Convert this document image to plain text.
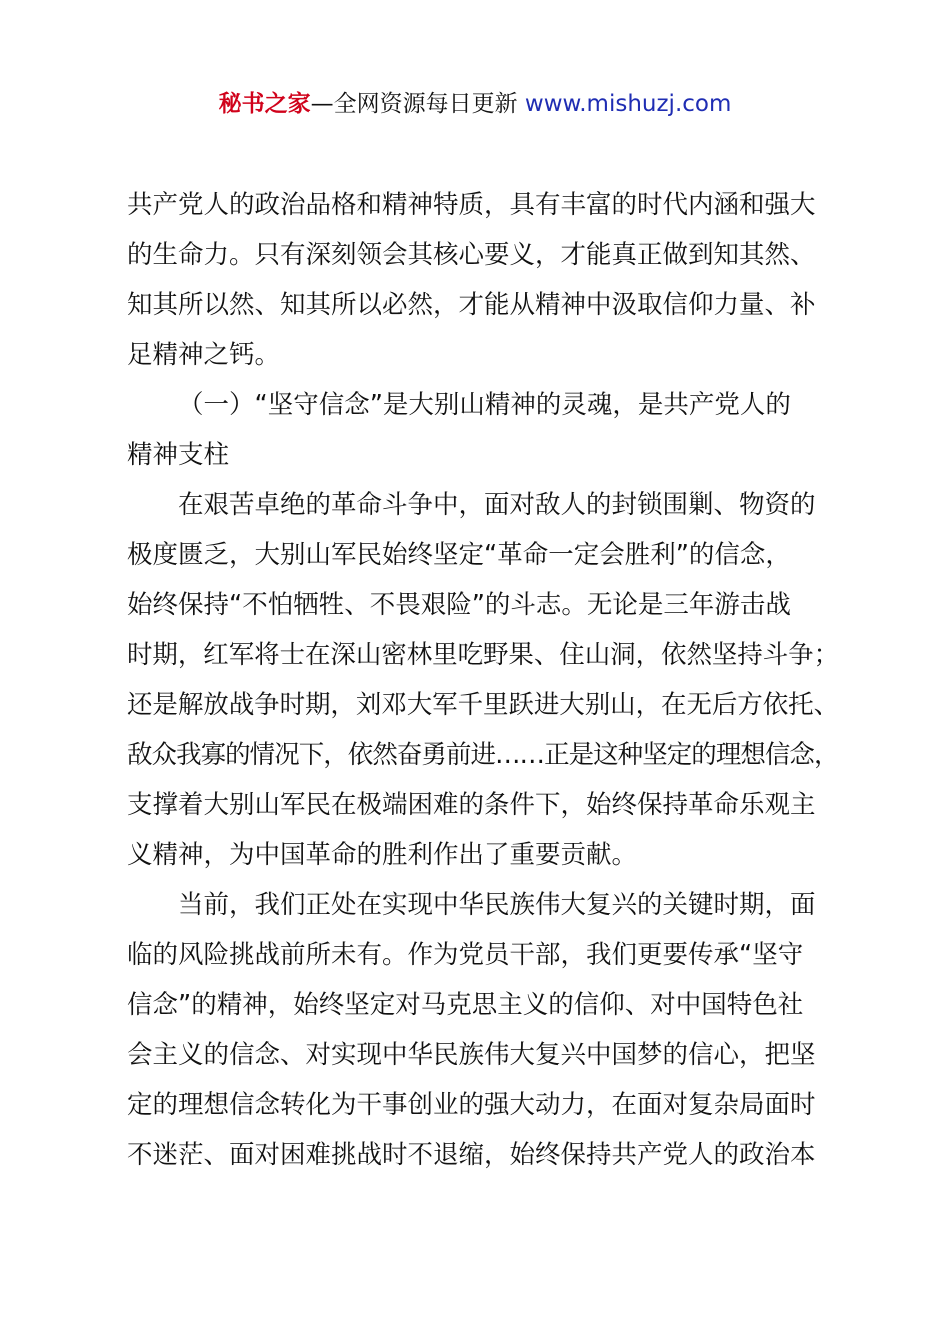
秘书之家—全网资源每日更新 www.mishuzj.com
共产党人的政治品格和精神特质，具有丰富的时代内涵和强大
的生命力。只有深刻领会其核心要义，才能真正做到知其然、
知其所以然、知其所以必然，才能从精神中汲取信仰力量、补
足精神之钙。
（一）“坚守信念”是大别山精神的灵魂，是共产党人的
精神支柱
在艰苦卓绝的革命斗争中，面对敌人的封锁围剿、物资的
极度匮乏，大别山军民始终坚定“革命一定会胜利”的信念，
始终保持“不怕牺牲、不畏艰险”的斗志。无论是三年游击战
时期，红军将士在深山密林里吃野果、住山洞，依然坚持斗争；
还是解放战争时期，刘邓大军千里跃进大别山，在无后方依托、
敌众我寡的情况下，依然奋勇前进……正是这种坚定的理想信念，
支撑着大别山军民在极端困难的条件下，始终保持革命乐观主
义精神，为中国革命的胜利作出了重要贡献。
当前，我们正处在实现中华民族伟大复兴的关键时期，面
临的风险挑战前所未有。作为党员干部，我们更要传承“坚守
信念”的精神，始终坚定对马克思主义的信仰、对中国特色社
会主义的信念、对实现中华民族伟大复兴中国梦的信心，把坚
定的理想信念转化为干事创业的强大动力，在面对复杂局面时
不迷茫、面对困难挑战时不退缩，始终保持共产党人的政治本
